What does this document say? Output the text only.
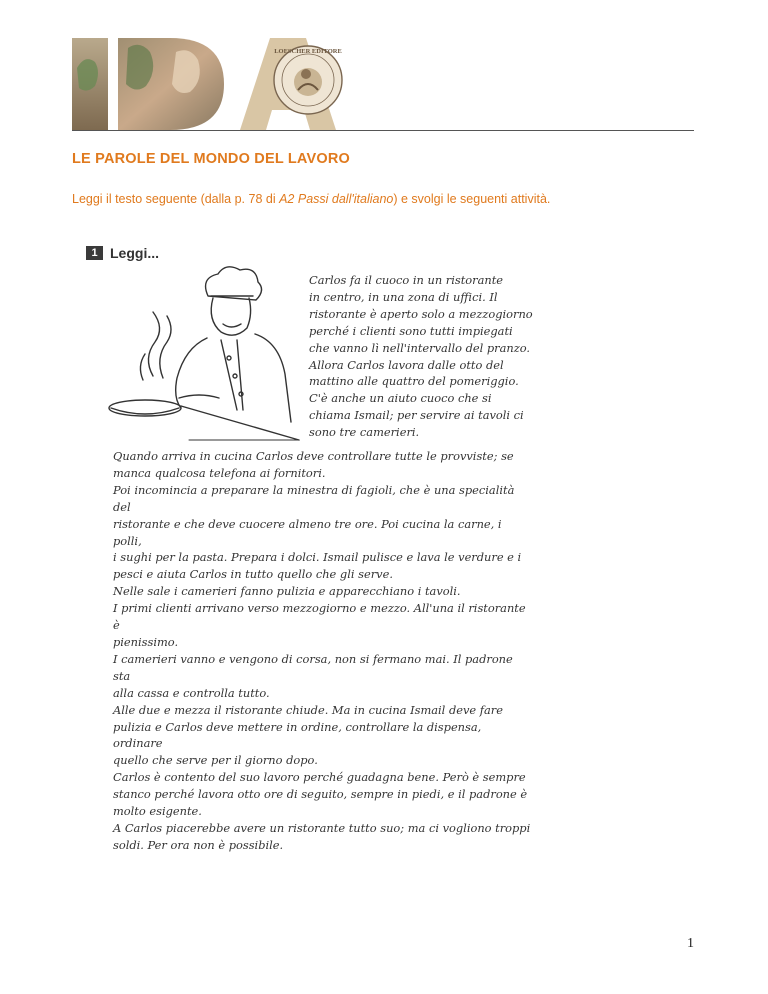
LOESCHER EDITORE
LE PAROLE DEL MONDO DEL LAVORO

Leggi il testo seguente (dalla p. 78 di A2 Passi dall'italiano) e svolgi le seguenti attività.

1 Leggi...

Carlos fa il cuoco in un ristorante

in centro, in una zona di uffici. Il

ristorante è aperto solo a mezzogiorno

perché i clienti sono tutti impiegati

che vanno lì nell'intervallo del pranzo.

Allora Carlos lavora dalle otto del

mattino alle quattro del pomeriggio.

C'è anche un aiuto cuoco che si

chiama Ismail; per servire ai tavoli ci

sono tre camerieri.

Quando arriva in cucina Carlos deve controllare tutte le provviste; se

manca qualcosa telefona ai fornitori.

Poi incomincia a preparare la minestra di fagioli, che è una specialità del

ristorante e che deve cuocere almeno tre ore. Poi cucina la carne, i polli,

i sughi per la pasta. Prepara i dolci. Ismail pulisce e lava le verdure e i

pesci e aiuta Carlos in tutto quello che gli serve.

Nelle sale i camerieri fanno pulizia e apparecchiano i tavoli.

I primi clienti arrivano verso mezzogiorno e mezzo. All'una il ristorante è

pienissimo.

I camerieri vanno e vengono di corsa, non si fermano mai. Il padrone sta

alla cassa e controlla tutto.

Alle due e mezza il ristorante chiude. Ma in cucina Ismail deve fare

pulizia e Carlos deve mettere in ordine, controllare la dispensa, ordinare

quello che serve per il giorno dopo.

Carlos è contento del suo lavoro perché guadagna bene. Però è sempre

stanco perché lavora otto ore di seguito, sempre in piedi, e il padrone è

molto esigente.

A Carlos piacerebbe avere un ristorante tutto suo; ma ci vogliono troppi

soldi. Per ora non è possibile.

1
